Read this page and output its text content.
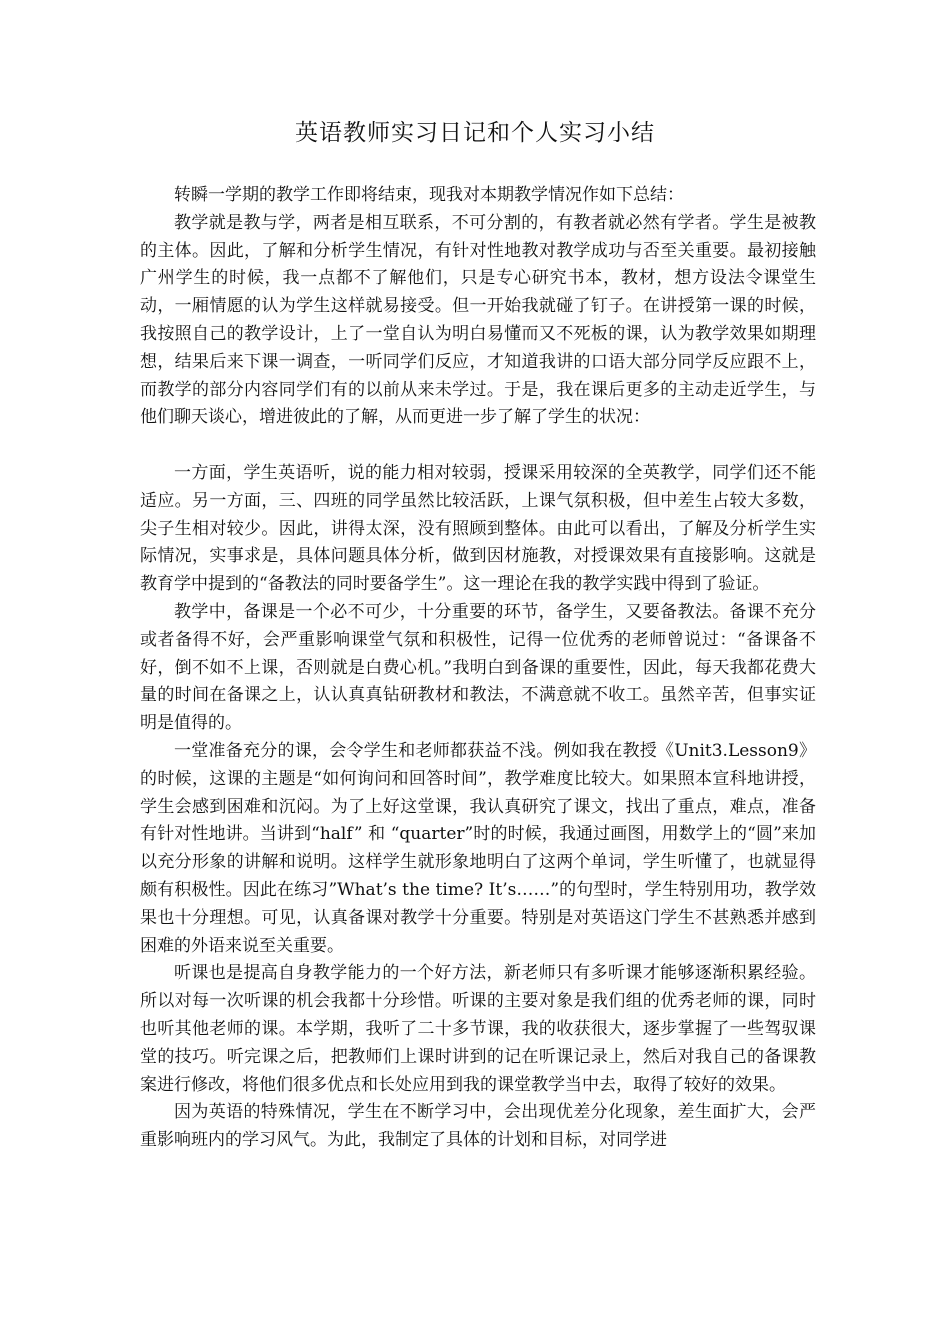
英语教师实习日记和个人实习小结

转瞬一学期的教学工作即将结束，现我对本期教学情况作如下总结：

教学就是教与学，两者是相互联系，不可分割的，有教者就必然有学者。学生是被教的主体。因此，了解和分析学生情况，有针对性地教对教学成功与否至关重要。最初接触广州学生的时候，我一点都不了解他们，只是专心研究书本，教材，想方设法令课堂生动，一厢情愿的认为学生这样就易接受。但一开始我就碰了钉子。在讲授第一课的时候，我按照自己的教学设计，上了一堂自认为明白易懂而又不死板的课，认为教学效果如期理想，结果后来下课一调查，一听同学们反应，才知道我讲的口语大部分同学反应跟不上，而教学的部分内容同学们有的以前从来未学过。于是，我在课后更多的主动走近学生，与他们聊天谈心，增进彼此的了解，从而更进一步了解了学生的状况：

一方面，学生英语听，说的能力相对较弱，授课采用较深的全英教学，同学们还不能适应。另一方面，三、四班的同学虽然比较活跃，上课气氛积极，但中差生占较大多数，尖子生相对较少。因此，讲得太深，没有照顾到整体。由此可以看出，了解及分析学生实际情况，实事求是，具体问题具体分析，做到因材施教，对授课效果有直接影响。这就是教育学中提到的“备教法的同时要备学生”。这一理论在我的教学实践中得到了验证。

教学中，备课是一个必不可少，十分重要的环节，备学生，又要备教法。备课不充分或者备得不好，会严重影响课堂气氛和积极性，记得一位优秀的老师曾说过：“备课备不好，倒不如不上课，否则就是白费心机。”我明白到备课的重要性，因此，每天我都花费大量的时间在备课之上，认认真真钻研教材和教法，不满意就不收工。虽然辛苦，但事实证明是值得的。

一堂准备充分的课，会令学生和老师都获益不浅。例如我在教授《Unit3.Lesson9》的时候，这课的主题是“如何询问和回答时间”，教学难度比较大。如果照本宣科地讲授，学生会感到困难和沉闷。为了上好这堂课，我认真研究了课文，找出了重点，难点，准备有针对性地讲。当讲到“half” 和 “quarter”时的时候，我通过画图，用数学上的“圆”来加以充分形象的讲解和说明。这样学生就形象地明白了这两个单词，学生听懂了，也就显得颇有积极性。因此在练习”What’s the time? It’s……”的句型时，学生特别用功，教学效果也十分理想。可见，认真备课对教学十分重要。特别是对英语这门学生不甚熟悉并感到困难的外语来说至关重要。

听课也是提高自身教学能力的一个好方法，新老师只有多听课才能够逐渐积累经验。所以对每一次听课的机会我都十分珍惜。听课的主要对象是我们组的优秀老师的课，同时也听其他老师的课。本学期，我听了二十多节课，我的收获很大，逐步掌握了一些驾驭课堂的技巧。听完课之后，把教师们上课时讲到的记在听课记录上，然后对我自己的备课教案进行修改，将他们很多优点和长处应用到我的课堂教学当中去，取得了较好的效果。

因为英语的特殊情况，学生在不断学习中，会出现优差分化现象，差生面扩大，会严重影响班内的学习风气。为此，我制定了具体的计划和目标，对同学进
